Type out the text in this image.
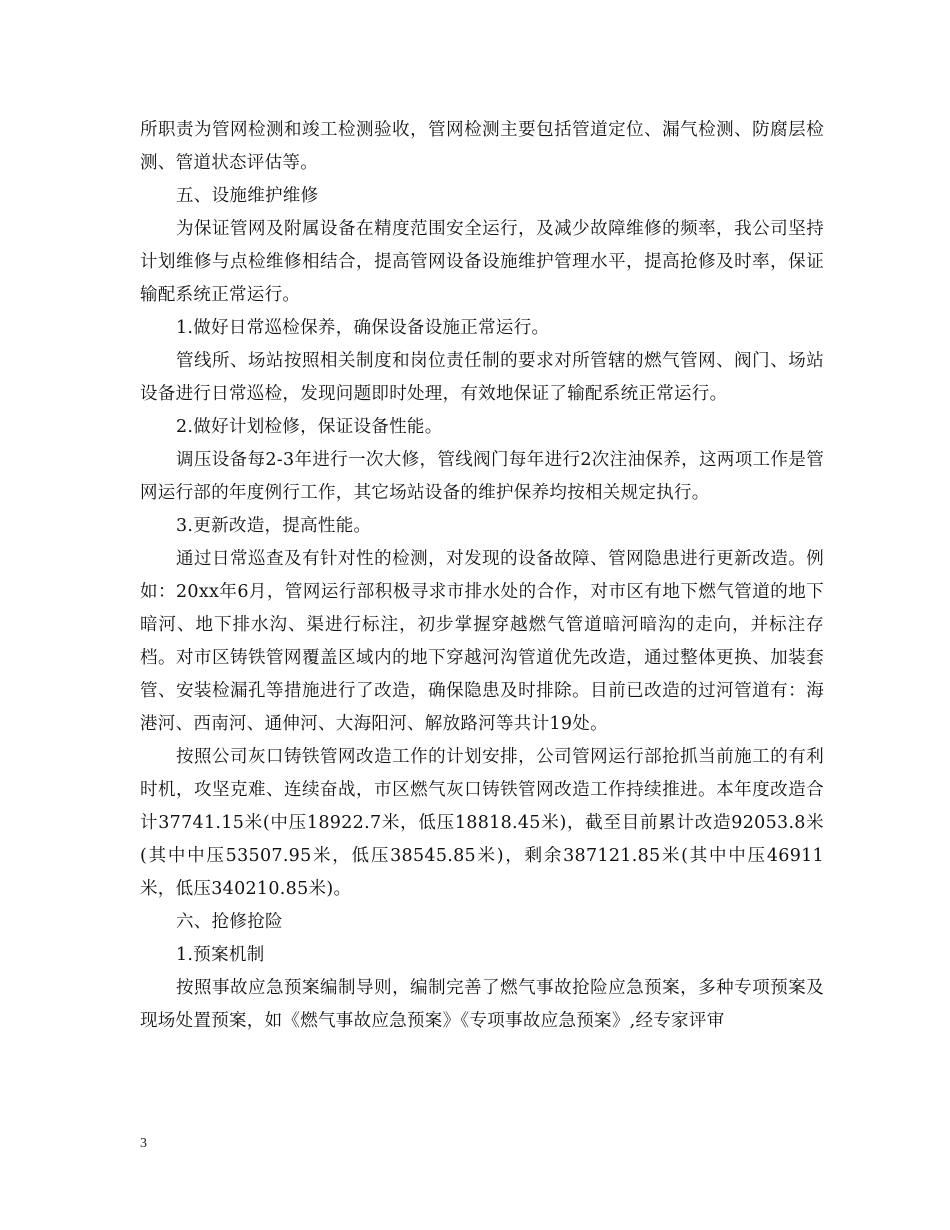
所职责为管网检测和竣工检测验收，管网检测主要包括管道定位、漏气检测、防腐层检测、管道状态评估等。

五、设施维护维修

为保证管网及附属设备在精度范围安全运行，及减少故障维修的频率，我公司坚持计划维修与点检维修相结合，提高管网设备设施维护管理水平，提高抢修及时率，保证输配系统正常运行。

1.做好日常巡检保养，确保设备设施正常运行。

管线所、场站按照相关制度和岗位责任制的要求对所管辖的燃气管网、阀门、场站设备进行日常巡检，发现问题即时处理，有效地保证了输配系统正常运行。

2.做好计划检修，保证设备性能。

调压设备每2-3年进行一次大修，管线阀门每年进行2次注油保养，这两项工作是管网运行部的年度例行工作，其它场站设备的维护保养均按相关规定执行。

3.更新改造，提高性能。

通过日常巡查及有针对性的检测，对发现的设备故障、管网隐患进行更新改造。例如：20xx年6月，管网运行部积极寻求市排水处的合作，对市区有地下燃气管道的地下暗河、地下排水沟、渠进行标注，初步掌握穿越燃气管道暗河暗沟的走向，并标注存档。对市区铸铁管网覆盖区域内的地下穿越河沟管道优先改造，通过整体更换、加装套管、安装检漏孔等措施进行了改造，确保隐患及时排除。目前已改造的过河管道有：海港河、西南河、通伸河、大海阳河、解放路河等共计19处。

按照公司灰口铸铁管网改造工作的计划安排，公司管网运行部抢抓当前施工的有利时机，攻坚克难、连续奋战，市区燃气灰口铸铁管网改造工作持续推进。本年度改造合计37741.15米(中压18922.7米，低压18818.45米)，截至目前累计改造92053.8米(其中中压53507.95米，低压38545.85米)，剩余387121.85米(其中中压46911米，低压340210.85米)。

六、抢修抢险

1.预案机制

按照事故应急预案编制导则，编制完善了燃气事故抢险应急预案，多种专项预案及现场处置预案，如《燃气事故应急预案》《专项事故应急预案》,经专家评审

3
